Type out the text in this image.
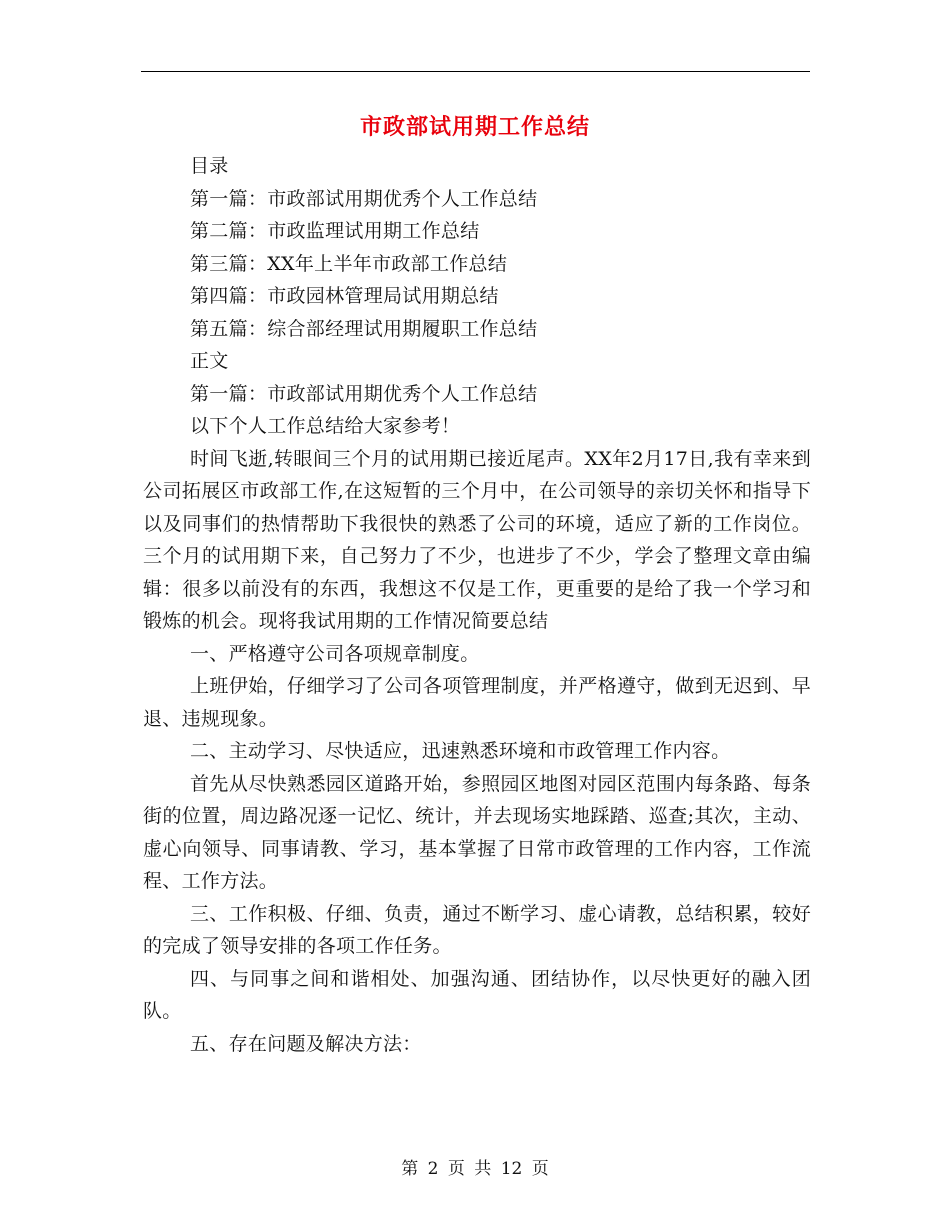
市政部试用期工作总结

目录

第一篇：市政部试用期优秀个人工作总结

第二篇：市政监理试用期工作总结

第三篇：XX年上半年市政部工作总结

第四篇：市政园林管理局试用期总结

第五篇：综合部经理试用期履职工作总结

正文

第一篇：市政部试用期优秀个人工作总结

以下个人工作总结给大家参考！

时间飞逝,转眼间三个月的试用期已接近尾声。XX年2月17日,我有幸来到公司拓展区市政部工作,在这短暂的三个月中，在公司领导的亲切关怀和指导下以及同事们的热情帮助下我很快的熟悉了公司的环境，适应了新的工作岗位。三个月的试用期下来，自己努力了不少，也进步了不少，学会了整理文章由编辑：很多以前没有的东西，我想这不仅是工作，更重要的是给了我一个学习和锻炼的机会。现将我试用期的工作情况简要总结

一、严格遵守公司各项规章制度。

上班伊始，仔细学习了公司各项管理制度，并严格遵守，做到无迟到、早退、违规现象。

二、主动学习、尽快适应，迅速熟悉环境和市政管理工作内容。

首先从尽快熟悉园区道路开始，参照园区地图对园区范围内每条路、每条街的位置，周边路况逐一记忆、统计，并去现场实地踩踏、巡查;其次，主动、虚心向领导、同事请教、学习，基本掌握了日常市政管理的工作内容，工作流程、工作方法。

三、工作积极、仔细、负责，通过不断学习、虚心请教，总结积累，较好的完成了领导安排的各项工作任务。

四、与同事之间和谐相处、加强沟通、团结协作，以尽快更好的融入团队。

五、存在问题及解决方法：

第 2 页 共 12 页
